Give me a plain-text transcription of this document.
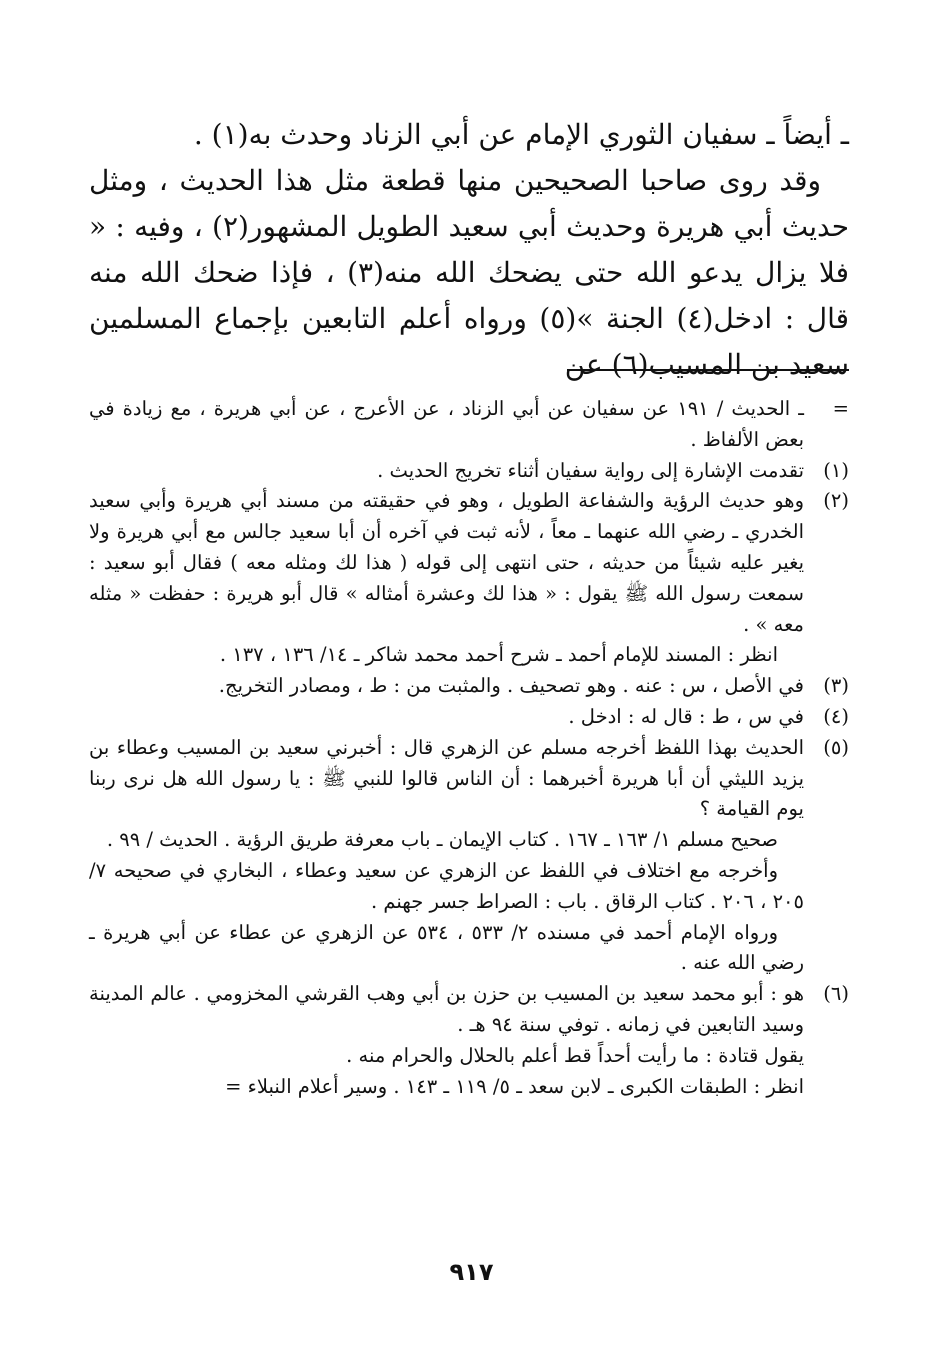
ـ أيضاً ـ سفيان الثوري الإمام عن أبي الزناد وحدث به(١) .

وقد روى صاحبا الصحيحين منها قطعة مثل هذا الحديث ، ومثل حديث أبي هريرة وحديث أبي سعيد الطويل المشهور(٢) ، وفيه : « فلا يزال يدعو الله حتى يضحك الله منه(٣) ، فإذا ضحك الله منه قال : ادخل(٤) الجنة »(٥) ورواه أعلم التابعين بإجماع المسلمين سعيد بن المسيب(٦) عن

=
ـ الحديث / ١٩١ عن سفيان عن أبي الزناد ، عن الأعرج ، عن أبي هريرة ، مع زيادة في بعض الألفاظ .
(١)
تقدمت الإشارة إلى رواية سفيان أثناء تخريج الحديث .
(٢)
وهو حديث الرؤية والشفاعة الطويل ، وهو في حقيقته من مسند أبي هريرة وأبي سعيد الخدري ـ رضي الله عنهما ـ معاً ، لأنه ثبت في آخره أن أبا سعيد جالس مع أبي هريرة ولا يغير عليه شيئاً من حديثه ، حتى انتهى إلى قوله ( هذا لك ومثله معه ) فقال أبو سعيد : سمعت رسول الله ﷺ يقول : « هذا لك وعشرة أمثاله » قال أبو هريرة : حفظت « مثله معه » .
انظر : المسند للإمام أحمد ـ شرح أحمد محمد شاكر ـ ١٤/ ١٣٦ ، ١٣٧ .
(٣)
في الأصل ، س : عنه . وهو تصحيف . والمثبت من : ط ، ومصادر التخريج.
(٤)
في س ، ط : قال له : ادخل .
(٥)
الحديث بهذا اللفظ أخرجه مسلم عن الزهري قال : أخبرني سعيد بن المسيب وعطاء بن يزيد الليثي أن أبا هريرة أخبرهما : أن الناس قالوا للنبي ﷺ : يا رسول الله هل نرى ربنا يوم القيامة ؟
صحيح مسلم ١/ ١٦٣ ـ ١٦٧ . كتاب الإيمان ـ باب معرفة طريق الرؤية . الحديث / ٩٩ .
وأخرجه مع اختلاف في اللفظ عن الزهري عن سعيد وعطاء ، البخاري في صحيحه ٧/ ٢٠٥ ، ٢٠٦ . كتاب الرقاق . باب : الصراط جسر جهنم .
ورواه الإمام أحمد في مسنده ٢/ ٥٣٣ ، ٥٣٤ عن الزهري عن عطاء عن أبي هريرة ـ رضي الله عنه .
(٦)
هو : أبو محمد سعيد بن المسيب بن حزن بن أبي وهب القرشي المخزومي . عالم المدينة وسيد التابعين في زمانه . توفي سنة ٩٤ هـ .
يقول قتادة : ما رأيت أحداً قط أعلم بالحلال والحرام منه .
انظر : الطبقات الكبرى ـ لابن سعد ـ ٥/ ١١٩ ـ ١٤٣ . وسير أعلام النبلاء =
٩١٧
